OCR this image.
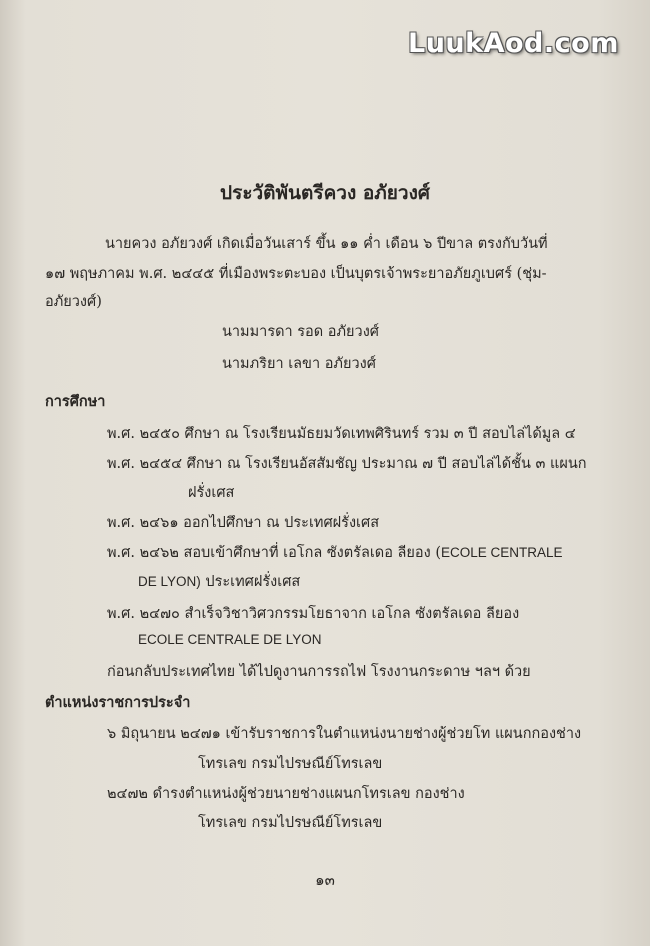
LuukAod.com
ประวัติพันตรีควง อภัยวงศ์
นายควง อภัยวงศ์ เกิดเมื่อวันเสาร์ ขึ้น ๑๑ ค่ำ เดือน ๖ ปีขาล ตรงกับวันที่
๑๗ พฤษภาคม พ.ศ. ๒๔๔๕ ที่เมืองพระตะบอง เป็นบุตรเจ้าพระยาอภัยภูเบศร์ (ชุ่ม-
อภัยวงศ์)
นามมารดา รอด อภัยวงศ์
นามภริยา เลขา อภัยวงศ์
การศึกษา
พ.ศ. ๒๔๕๐ ศึกษา ณ โรงเรียนมัธยมวัดเทพศิรินทร์ รวม ๓ ปี สอบไล่ได้มูล ๔
พ.ศ. ๒๔๕๔ ศึกษา ณ โรงเรียนอัสสัมชัญ ประมาณ ๗ ปี สอบไล่ได้ชั้น ๓ แผนก
ฝรั่งเศส
พ.ศ. ๒๔๖๑ ออกไปศึกษา ณ ประเทศฝรั่งเศส
พ.ศ. ๒๔๖๒ สอบเข้าศึกษาที่ เอโกล ซังตรัลเดอ ลียอง (ECOLE CENTRALE
DE LYON) ประเทศฝรั่งเศส
พ.ศ. ๒๔๗๐ สำเร็จวิชาวิศวกรรมโยธาจาก เอโกล ซังตรัลเดอ ลียอง
ECOLE CENTRALE DE LYON
ก่อนกลับประเทศไทย ได้ไปดูงานการรถไฟ โรงงานกระดาษ ฯลฯ ด้วย
ตำแหน่งราชการประจำ
๖ มิถุนายน ๒๔๗๑ เข้ารับราชการในตำแหน่งนายช่างผู้ช่วยโท แผนกกองช่าง
โทรเลข กรมไปรษณีย์โทรเลข
๒๔๗๒ ดำรงตำแหน่งผู้ช่วยนายช่างแผนกโทรเลข กองช่าง
โทรเลข กรมไปรษณีย์โทรเลข
๑๓
